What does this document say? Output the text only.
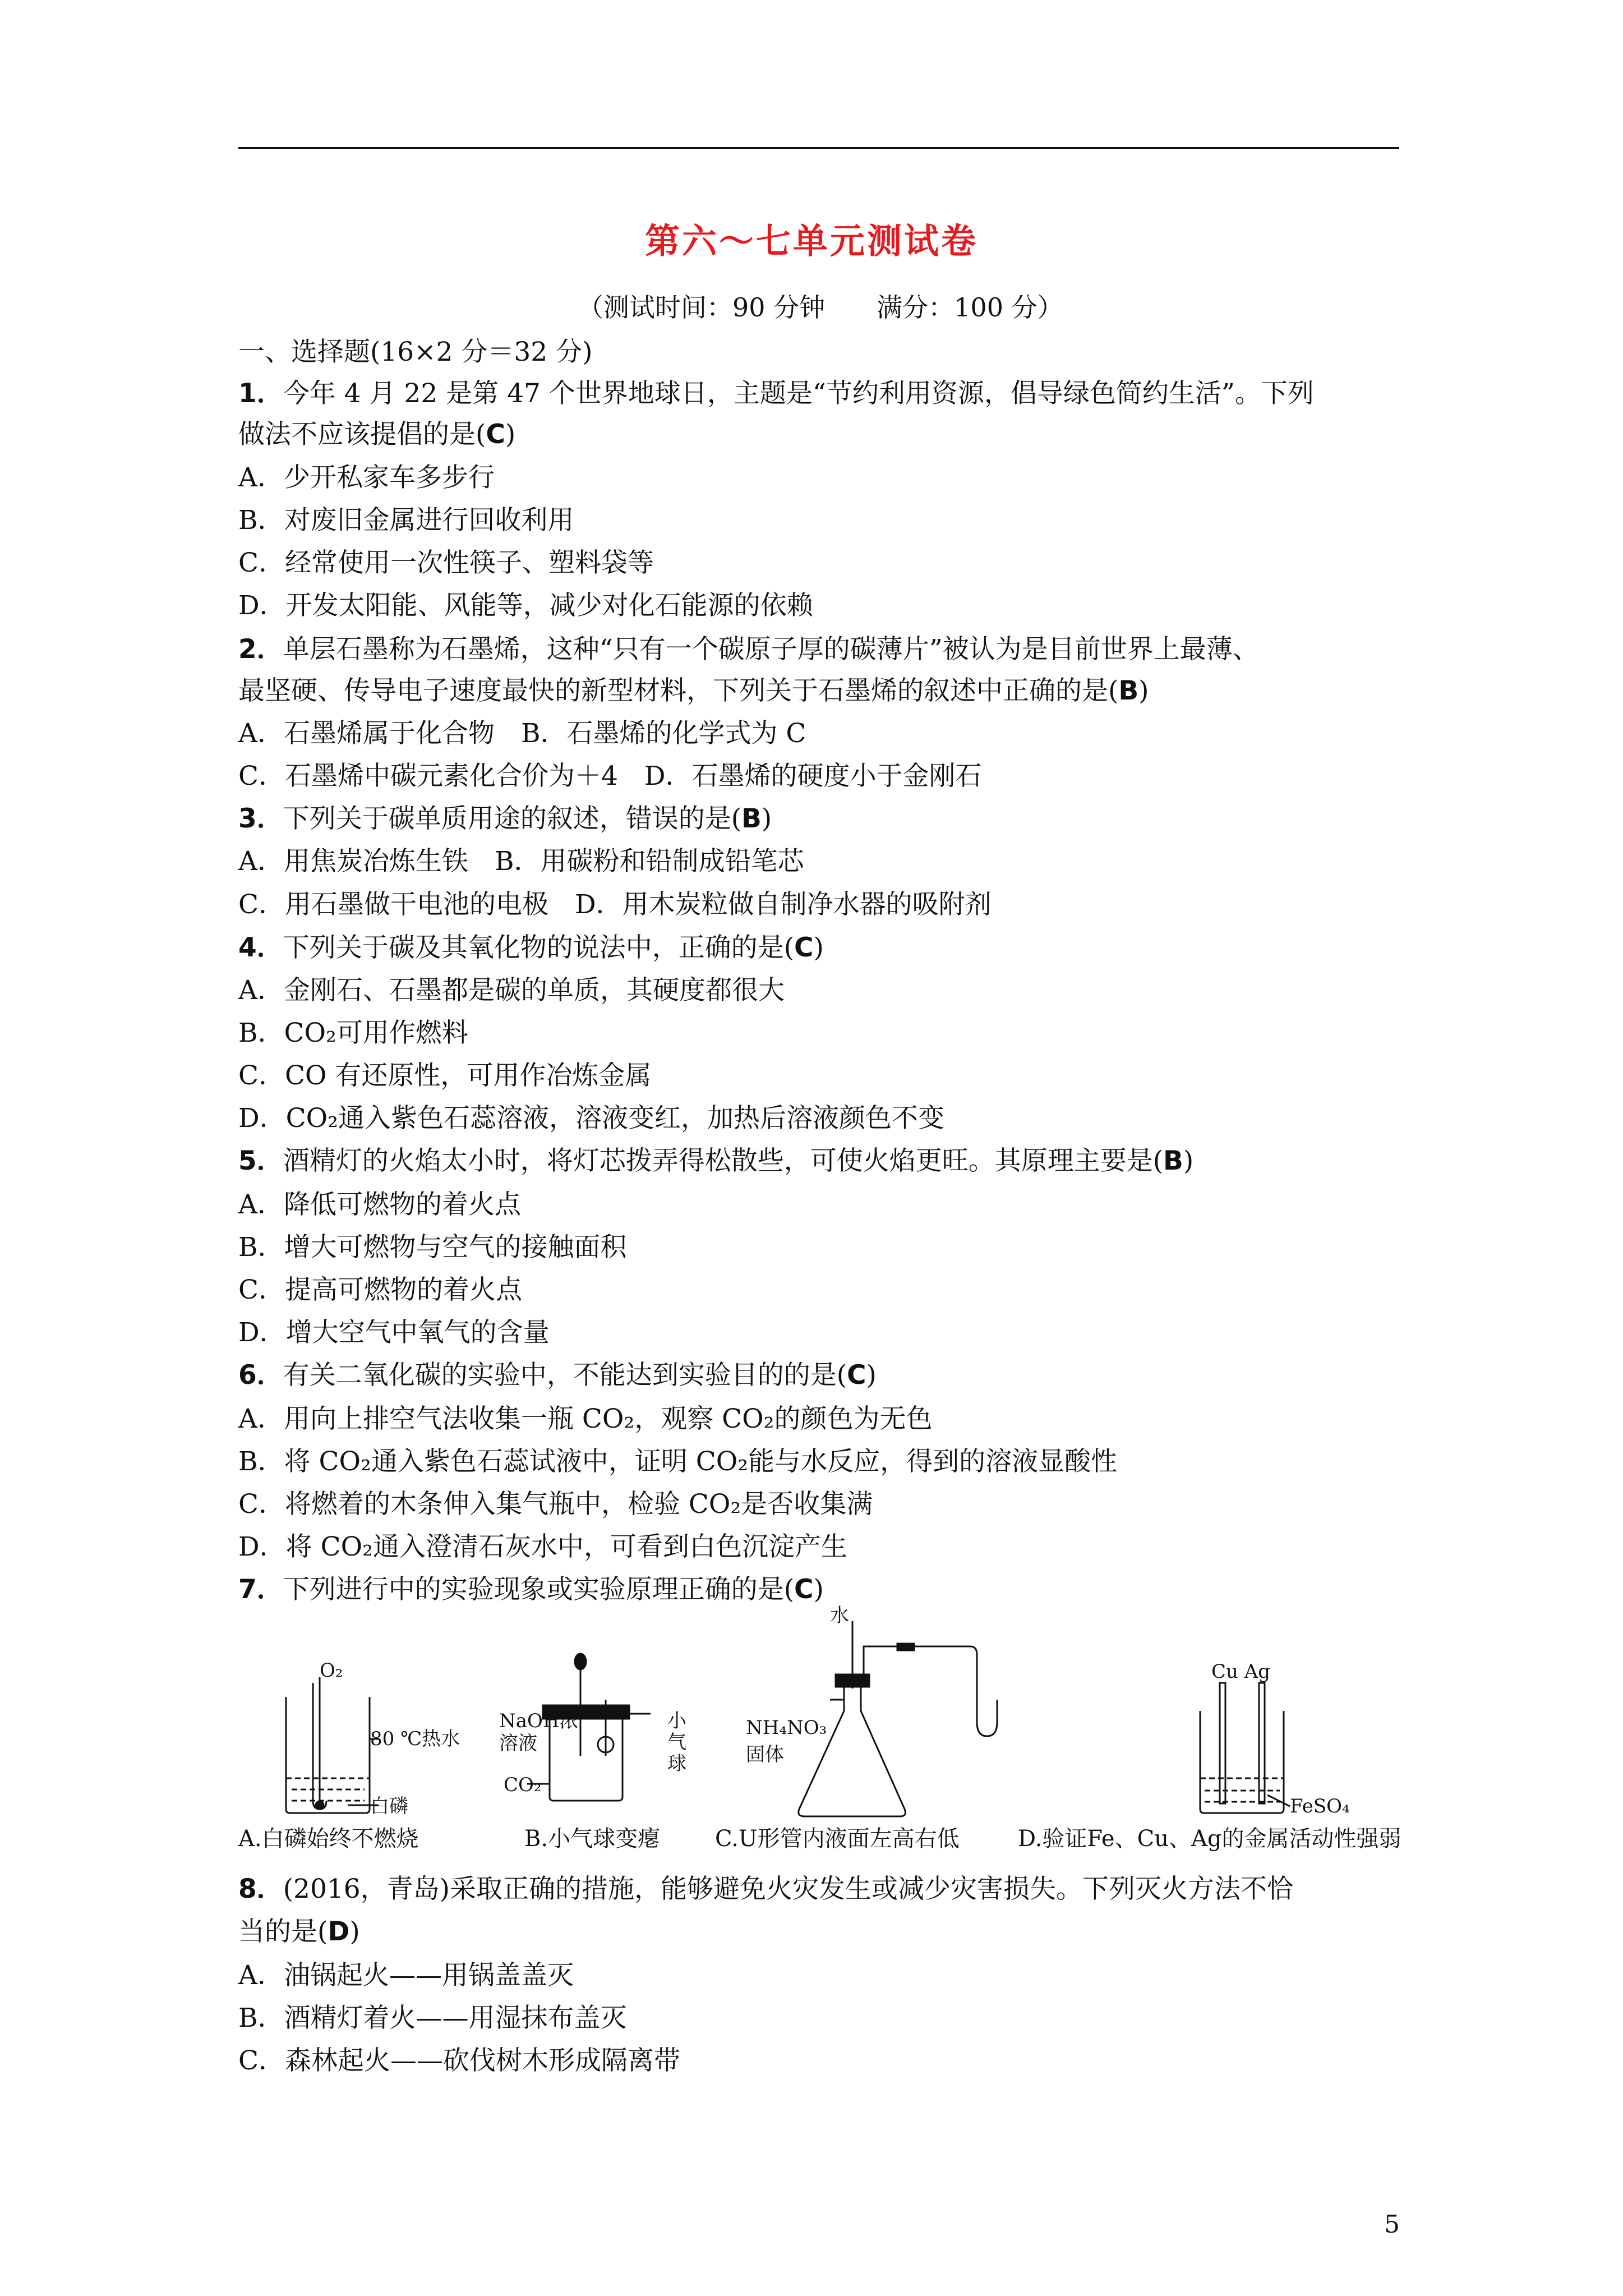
第六～七单元测试卷
（测试时间：90 分钟　　满分：100 分）
一、选择题(16×2 分＝32 分)
1．今年 4 月 22 是第 47 个世界地球日，主题是“节约利用资源，倡导绿色简约生活”。下列
做法不应该提倡的是(C)
A．少开私家车多步行
B．对废旧金属进行回收利用
C．经常使用一次性筷子、塑料袋等
D．开发太阳能、风能等，减少对化石能源的依赖
2．单层石墨称为石墨烯，这种“只有一个碳原子厚的碳薄片”被认为是目前世界上最薄、
最坚硬、传导电子速度最快的新型材料，下列关于石墨烯的叙述中正确的是(B)
A．石墨烯属于化合物　B．石墨烯的化学式为 C
C．石墨烯中碳元素化合价为＋4　D．石墨烯的硬度小于金刚石
3．下列关于碳单质用途的叙述，错误的是(B)
A．用焦炭冶炼生铁　B．用碳粉和铅制成铅笔芯
C．用石墨做干电池的电极　D．用木炭粒做自制净水器的吸附剂
4．下列关于碳及其氧化物的说法中，正确的是(C)
A．金刚石、石墨都是碳的单质，其硬度都很大
B．CO₂可用作燃料
C．CO 有还原性，可用作冶炼金属
D．CO₂通入紫色石蕊溶液，溶液变红，加热后溶液颜色不变
5．酒精灯的火焰太小时，将灯芯拨弄得松散些，可使火焰更旺。其原理主要是(B)
A．降低可燃物的着火点
B．增大可燃物与空气的接触面积
C．提高可燃物的着火点
D．增大空气中氧气的含量
6．有关二氧化碳的实验中，不能达到实验目的的是(C)
A．用向上排空气法收集一瓶 CO₂，观察 CO₂的颜色为无色
B．将 CO₂通入紫色石蕊试液中，证明 CO₂能与水反应，得到的溶液显酸性
C．将燃着的木条伸入集气瓶中，检验 CO₂是否收集满
D．将 CO₂通入澄清石灰水中，可看到白色沉淀产生
7．下列进行中的实验现象或实验原理正确的是(C)
O₂
80 ℃热水
白磷
NaOH浓
溶液
CO₂
小
气
球
水
NH₄NO₃
固体
Cu Ag
FeSO₄
A.白磷始终不燃烧	B.小气球变瘪 C.U形管内液面左高右低	D.验证Fe、Cu、Ag的金属活动性强弱
8．(2016，青岛)采取正确的措施，能够避免火灾发生或减少灾害损失。下列灭火方法不恰
当的是(D)
A．油锅起火——用锅盖盖灭
B．酒精灯着火——用湿抹布盖灭
C．森林起火——砍伐树木形成隔离带
5
